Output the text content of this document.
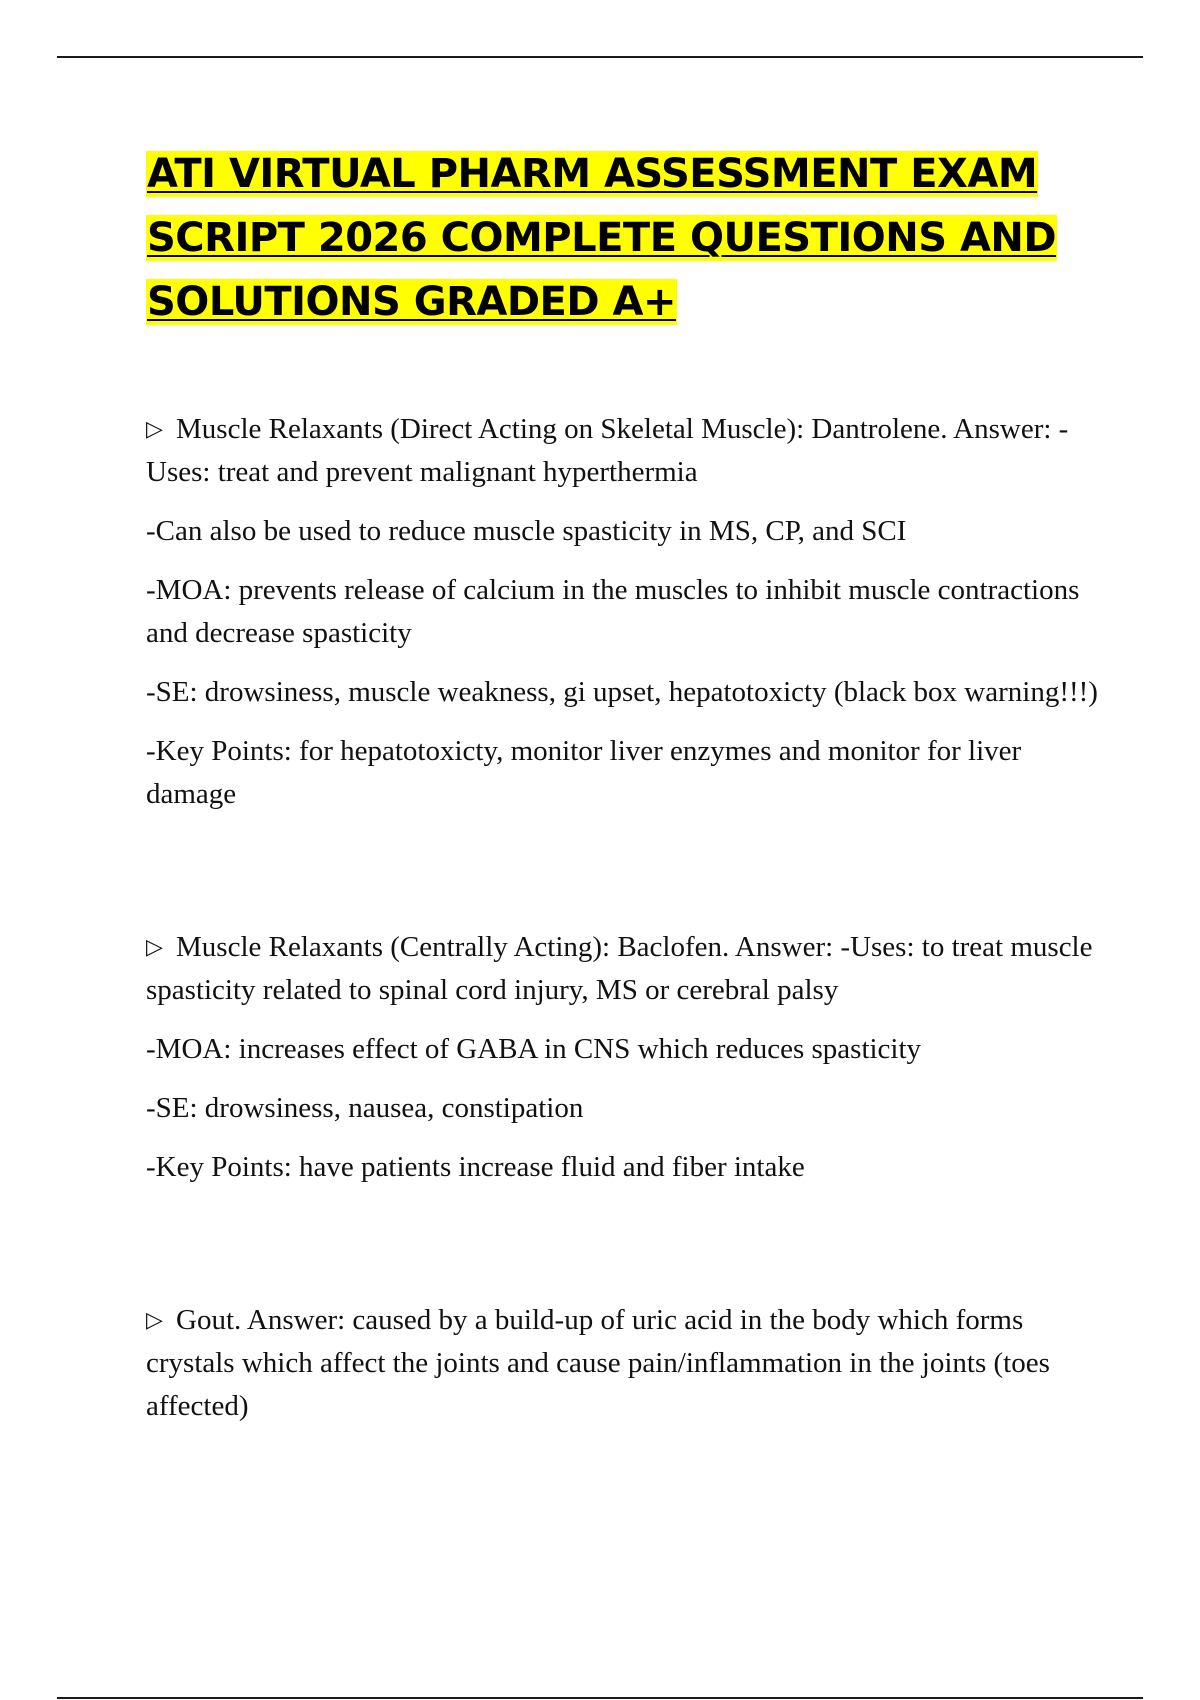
ATI VIRTUAL PHARM ASSESSMENT EXAM SCRIPT 2026 COMPLETE QUESTIONS AND SOLUTIONS GRADED A+

▷ Muscle Relaxants (Direct Acting on Skeletal Muscle): Dantrolene. Answer: -Uses: treat and prevent malignant hyperthermia

-Can also be used to reduce muscle spasticity in MS, CP, and SCI

-MOA: prevents release of calcium in the muscles to inhibit muscle contractions and decrease spasticity

-SE: drowsiness, muscle weakness, gi upset, hepatotoxicty (black box warning!!!)

-Key Points: for hepatotoxicty, monitor liver enzymes and monitor for liver damage

▷ Muscle Relaxants (Centrally Acting): Baclofen. Answer: -Uses: to treat muscle spasticity related to spinal cord injury, MS or cerebral palsy

-MOA: increases effect of GABA in CNS which reduces spasticity

-SE: drowsiness, nausea, constipation

-Key Points: have patients increase fluid and fiber intake

▷ Gout. Answer: caused by a build-up of uric acid in the body which forms crystals which affect the joints and cause pain/inflammation in the joints (toes affected)
